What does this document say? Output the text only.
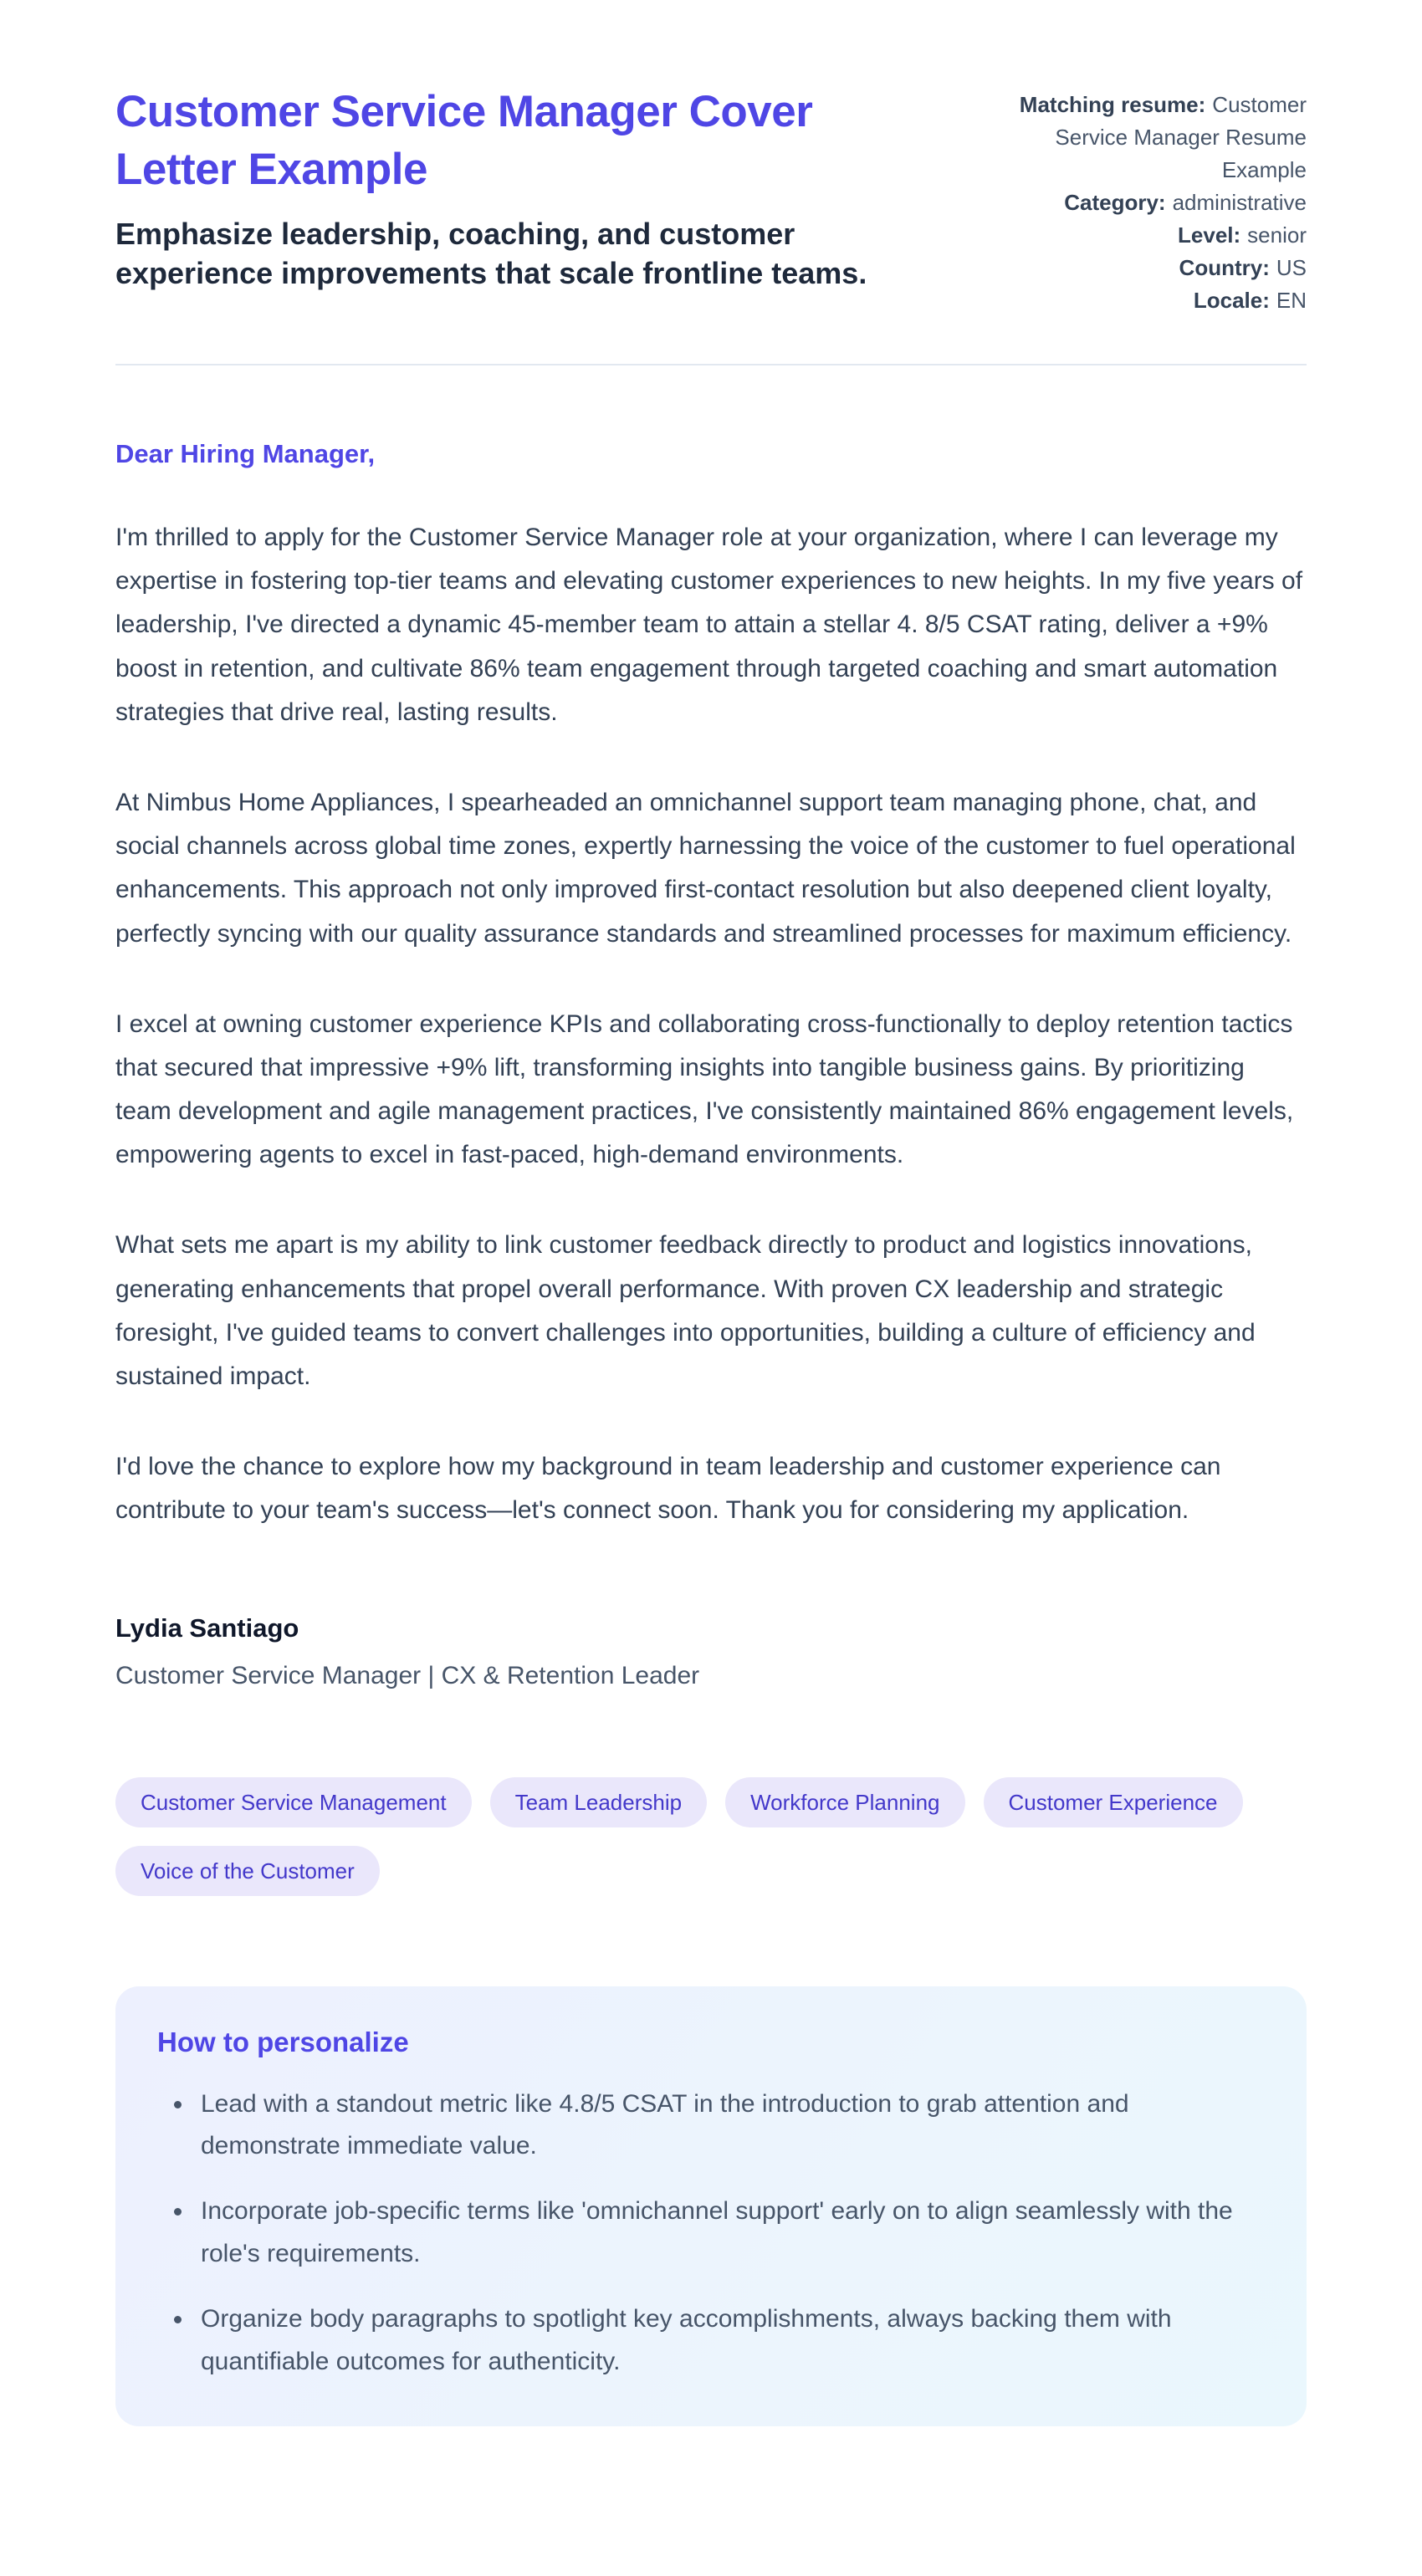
Customer Service Manager Cover Letter Example
Emphasize leadership, coaching, and customer experience improvements that scale frontline teams.
Matching resume: Customer Service Manager Resume Example
Category: administrative
Level: senior
Country: US
Locale: EN

Dear Hiring Manager,

I'm thrilled to apply for the Customer Service Manager role at your organization, where I can leverage my expertise in fostering top-tier teams and elevating customer experiences to new heights. In my five years of leadership, I've directed a dynamic 45-member team to attain a stellar 4. 8/5 CSAT rating, deliver a +9% boost in retention, and cultivate 86% team engagement through targeted coaching and smart automation strategies that drive real, lasting results.

At Nimbus Home Appliances, I spearheaded an omnichannel support team managing phone, chat, and social channels across global time zones, expertly harnessing the voice of the customer to fuel operational enhancements. This approach not only improved first-contact resolution but also deepened client loyalty, perfectly syncing with our quality assurance standards and streamlined processes for maximum efficiency.

I excel at owning customer experience KPIs and collaborating cross-functionally to deploy retention tactics that secured that impressive +9% lift, transforming insights into tangible business gains. By prioritizing team development and agile management practices, I've consistently maintained 86% engagement levels, empowering agents to excel in fast-paced, high-demand environments.

What sets me apart is my ability to link customer feedback directly to product and logistics innovations, generating enhancements that propel overall performance. With proven CX leadership and strategic foresight, I've guided teams to convert challenges into opportunities, building a culture of efficiency and sustained impact.

I'd love the chance to explore how my background in team leadership and customer experience can contribute to your team's success—let's connect soon. Thank you for considering my application.

Lydia Santiago

Customer Service Manager | CX & Retention Leader

Customer Service Management	Team Leadership	Workforce Planning	Customer Experience
Voice of the Customer
How to personalize
• Lead with a standout metric like 4.8/5 CSAT in the introduction to grab attention and demonstrate immediate value.
• Incorporate job-specific terms like 'omnichannel support' early on to align seamlessly with the role's requirements.
• Organize body paragraphs to spotlight key accomplishments, always backing them with quantifiable outcomes for authenticity.
